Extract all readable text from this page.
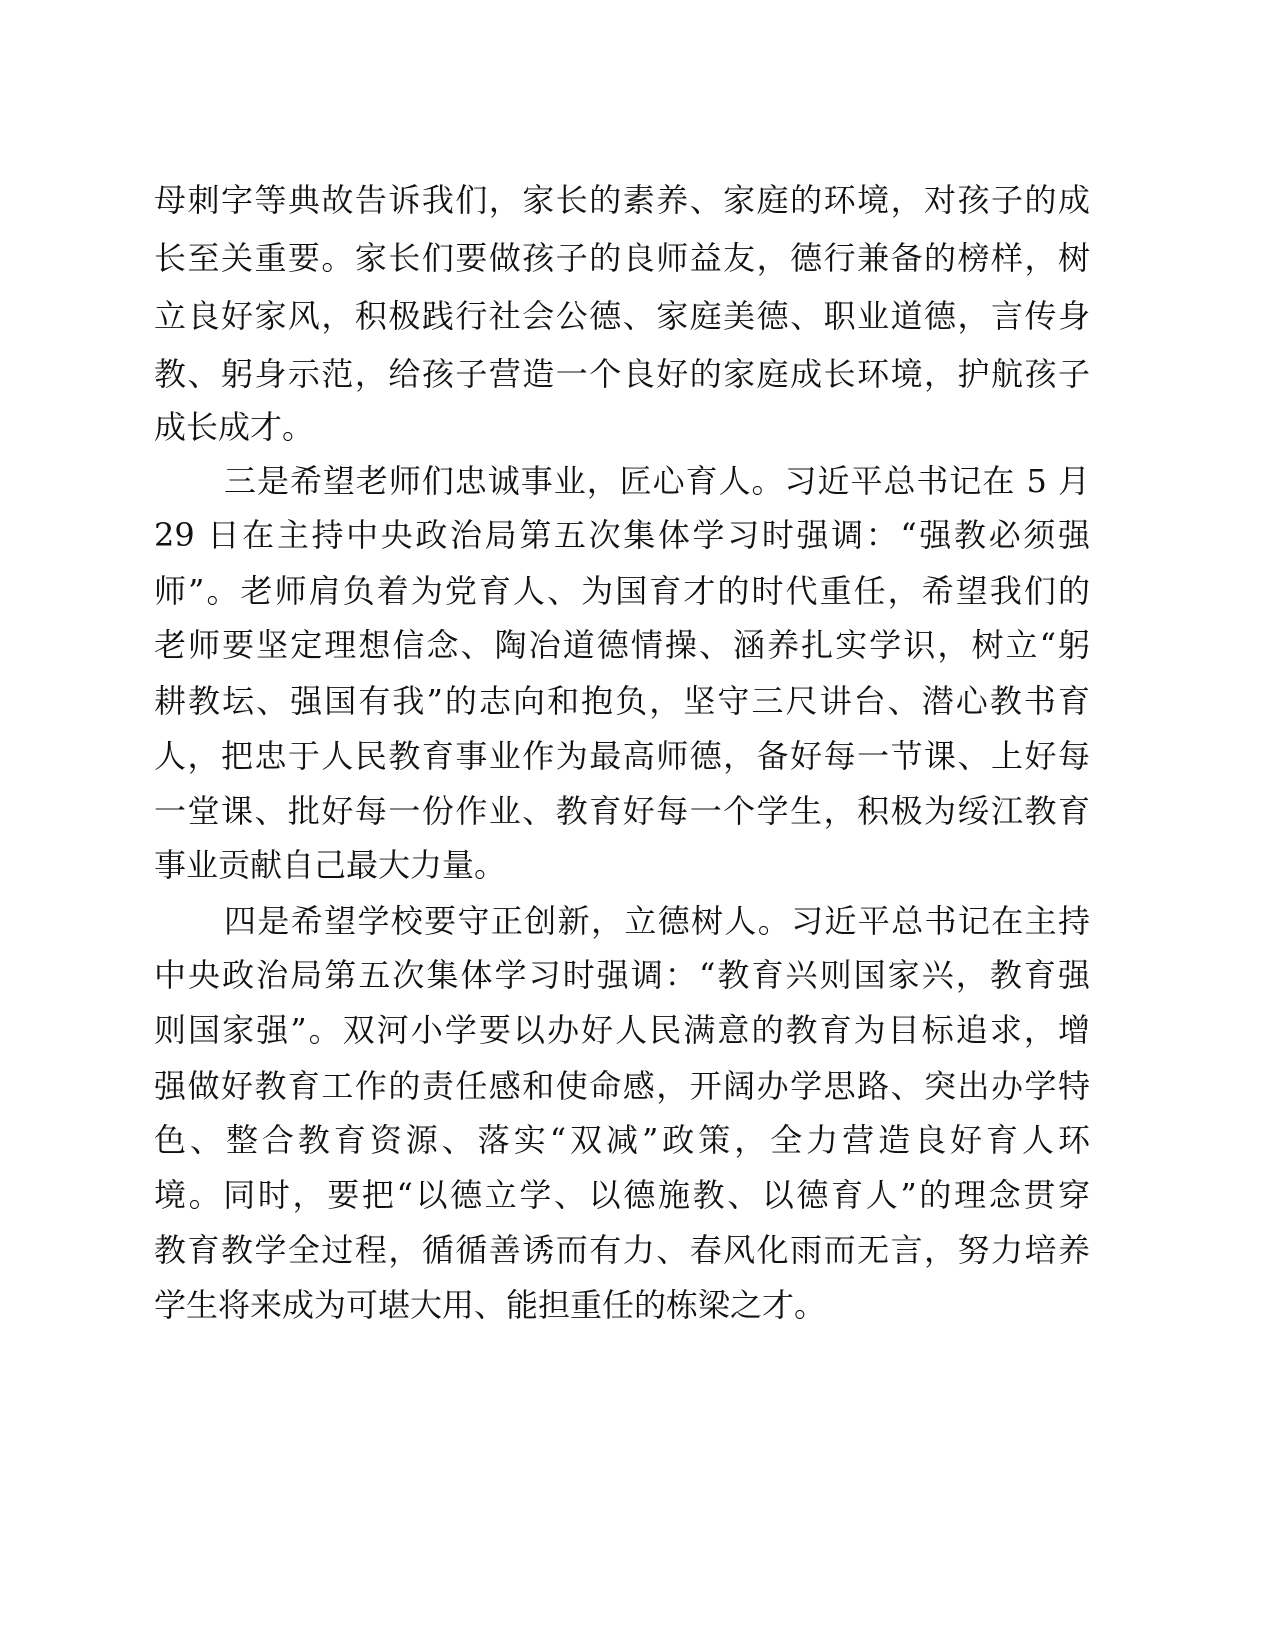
母刺字等典故告诉我们，家长的素养、家庭的环境，对孩子的成
长至关重要。家长们要做孩子的良师益友，德行兼备的榜样，树
立良好家风，积极践行社会公德、家庭美德、职业道德，言传身
教、躬身示范，给孩子营造一个良好的家庭成长环境，护航孩子
成长成才。
三是希望老师们忠诚事业，匠心育人。习近平总书记在 5 月
29 日在主持中央政治局第五次集体学习时强调：“强教必须强
师”。老师肩负着为党育人、为国育才的时代重任，希望我们的
老师要坚定理想信念、陶冶道德情操、涵养扎实学识，树立“躬
耕教坛、强国有我”的志向和抱负，坚守三尺讲台、潜心教书育
人，把忠于人民教育事业作为最高师德，备好每一节课、上好每
一堂课、批好每一份作业、教育好每一个学生，积极为绥江教育
事业贡献自己最大力量。
四是希望学校要守正创新，立德树人。习近平总书记在主持
中央政治局第五次集体学习时强调：“教育兴则国家兴，教育强
则国家强”。双河小学要以办好人民满意的教育为目标追求，增
强做好教育工作的责任感和使命感，开阔办学思路、突出办学特
色、整合教育资源、落实“双减”政策，全力营造良好育人环
境。同时，要把“以德立学、以德施教、以德育人”的理念贯穿
教育教学全过程，循循善诱而有力、春风化雨而无言，努力培养
学生将来成为可堪大用、能担重任的栋梁之才。
